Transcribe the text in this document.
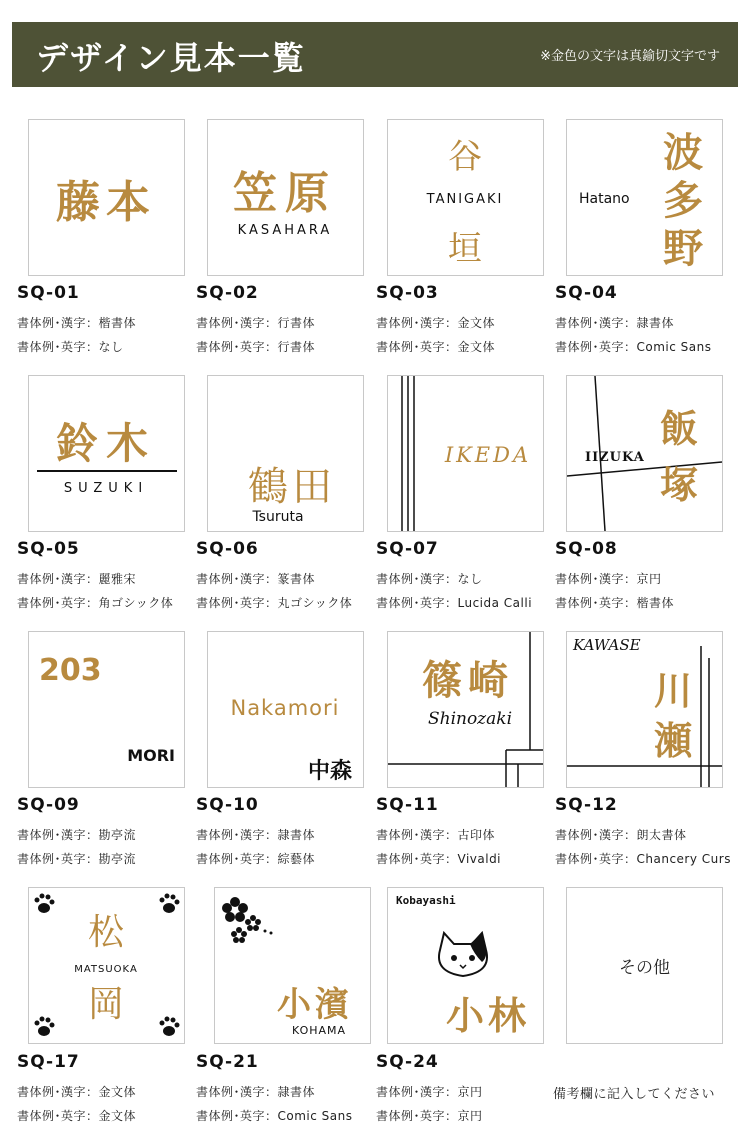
デザイン見本一覧	※金色の文字は真鍮切文字です
藤本 笠原
KASAHARA
谷
TANIGAKI
垣
波
多
野
Hatano
SQ-01	SQ-02	SQ-03	SQ-04
書体例･漢字：楷書体	書体例･漢字：行書体	書体例･漢字：金文体	書体例･漢字：隷書体
書体例･英字：なし	書体例･英字：行書体	書体例･英字：金文体	書体例･英字：Comic Sans
鈴木
SUZUKI 鶴田
Tsuruta
IKEDA
飯
塚
IIZUKA
SQ-05	SQ-06	SQ-07	SQ-08
書体例･漢字：麗雅宋	書体例･漢字：篆書体	書体例･漢字：なし	書体例･漢字：京円
書体例･英字：角ゴシック体 書体例･英字：丸ゴシック体 書体例･英字：Lucida Calli 書体例･英字：楷書体
203
MORI
Nakamori
中森
篠崎
Shinozaki
KAWASE
川
瀬
SQ-09	SQ-10	SQ-11	SQ-12
書体例･漢字：勘亭流	書体例･漢字：隷書体	書体例･漢字：古印体	書体例･漢字：朗太書体
書体例･英字：勘亭流	書体例･英字：綜藝体	書体例･英字：Vivaldi	書体例･英字：Chancery Curs
松
MATSUOKA
岡	小濱
KOHAMA
Kobayashi
小林
その他
SQ-17	SQ-21	SQ-24
書体例･漢字：金文体	書体例･漢字：隷書体	書体例･漢字：京円	備考欄に記入してください
書体例･英字：金文体	書体例･英字：Comic Sans 書体例･英字：京円
